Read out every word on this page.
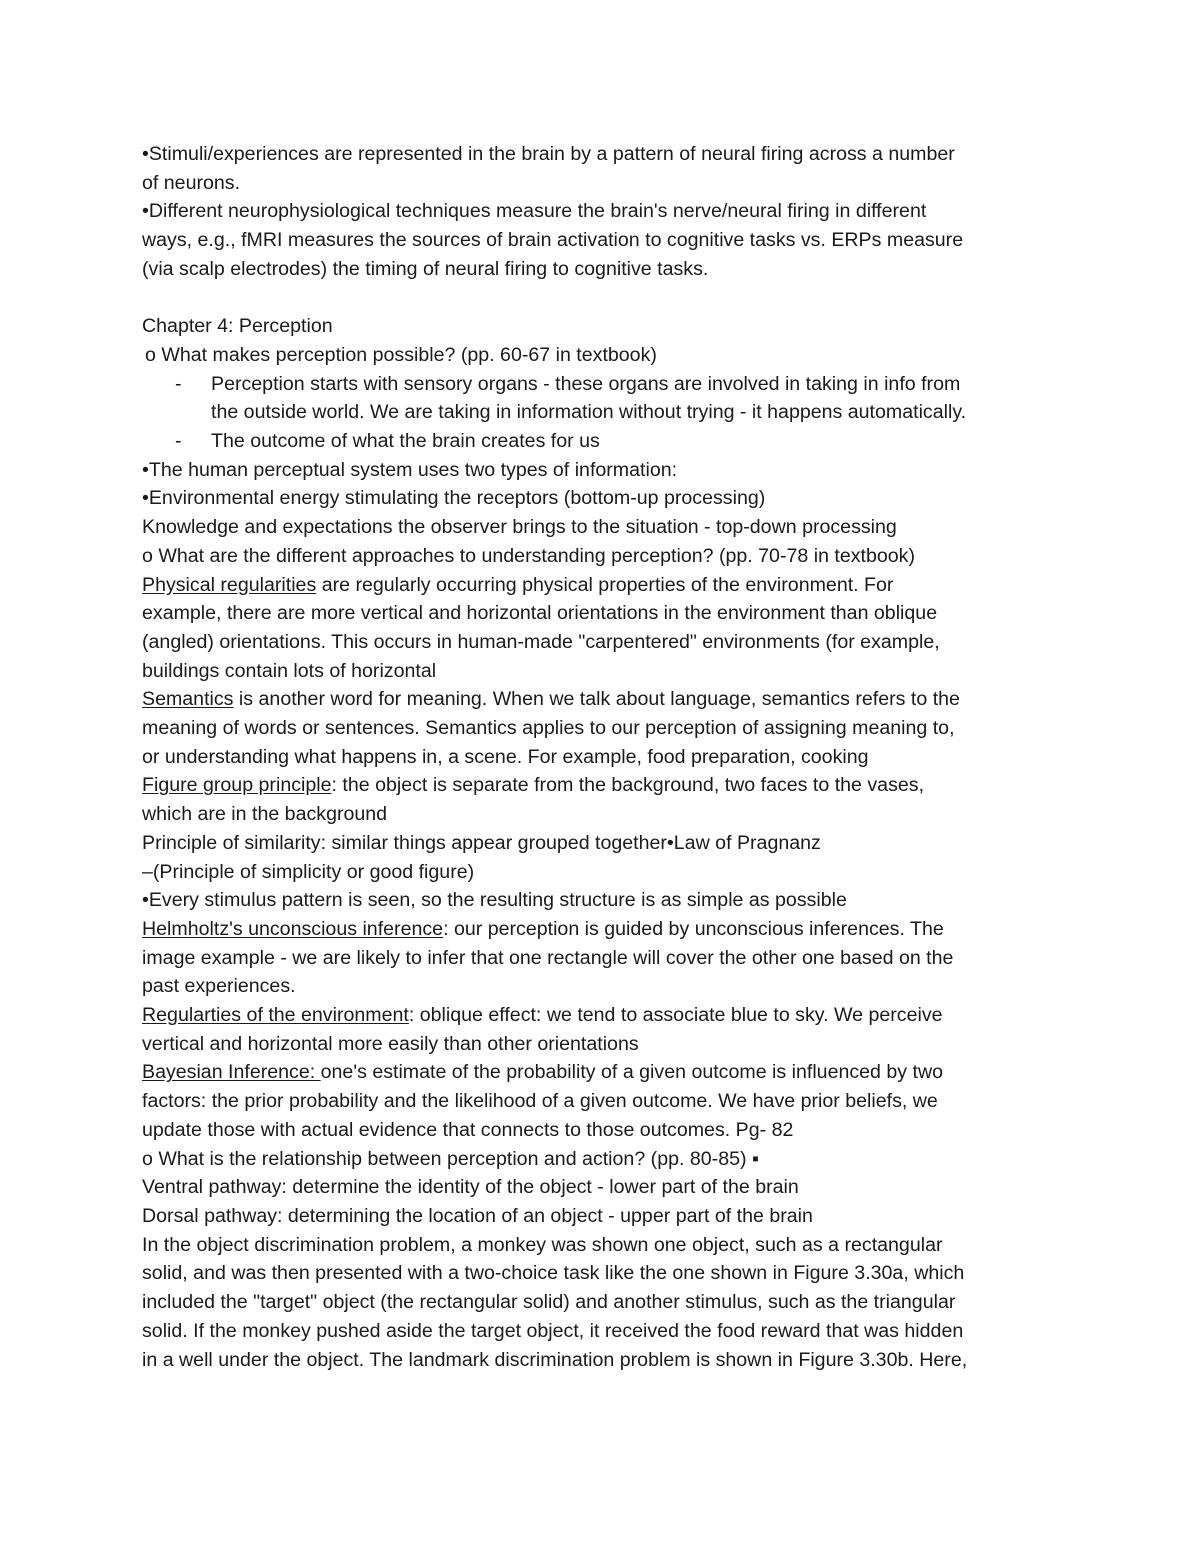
•Stimuli/experiences are represented in the brain by a pattern of neural firing across a number
of neurons.
•Different neurophysiological techniques measure the brain's nerve/neural firing in different
ways, e.g., fMRI measures the sources of brain activation to cognitive tasks vs. ERPs measure
(via scalp electrodes) the timing of neural firing to cognitive tasks.
Chapter 4: Perception
o What makes perception possible? (pp. 60-67 in textbook)
- Perception starts with sensory organs - these organs are involved in taking in info from
the outside world. We are taking in information without trying - it happens automatically.
- The outcome of what the brain creates for us
•The human perceptual system uses two types of information:
•Environmental energy stimulating the receptors (bottom-up processing)
Knowledge and expectations the observer brings to the situation - top-down processing
o What are the different approaches to understanding perception? (pp. 70-78 in textbook)
Physical regularities are regularly occurring physical properties of the environment. For
example, there are more vertical and horizontal orientations in the environment than oblique
(angled) orientations. This occurs in human-made "carpentered" environments (for example,
buildings contain lots of horizontal
Semantics is another word for meaning. When we talk about language, semantics refers to the
meaning of words or sentences. Semantics applies to our perception of assigning meaning to,
or understanding what happens in, a scene. For example, food preparation, cooking
Figure group principle: the object is separate from the background, two faces to the vases,
which are in the background
Principle of similarity: similar things appear grouped together•Law of Pragnanz
–(Principle of simplicity or good figure)
•Every stimulus pattern is seen, so the resulting structure is as simple as possible
Helmholtz's unconscious inference: our perception is guided by unconscious inferences. The
image example - we are likely to infer that one rectangle will cover the other one based on the
past experiences.
Regularties of the environment: oblique effect: we tend to associate blue to sky. We perceive
vertical and horizontal more easily than other orientations
Bayesian Inference: one's estimate of the probability of a given outcome is influenced by two
factors: the prior probability and the likelihood of a given outcome. We have prior beliefs, we
update those with actual evidence that connects to those outcomes. Pg- 82
o What is the relationship between perception and action? (pp. 80-85) ▪
Ventral pathway: determine the identity of the object - lower part of the brain
Dorsal pathway: determining the location of an object - upper part of the brain
In the object discrimination problem, a monkey was shown one object, such as a rectangular
solid, and was then presented with a two-choice task like the one shown in Figure 3.30a, which
included the "target" object (the rectangular solid) and another stimulus, such as the triangular
solid. If the monkey pushed aside the target object, it received the food reward that was hidden
in a well under the object. The landmark discrimination problem is shown in Figure 3.30b. Here,
